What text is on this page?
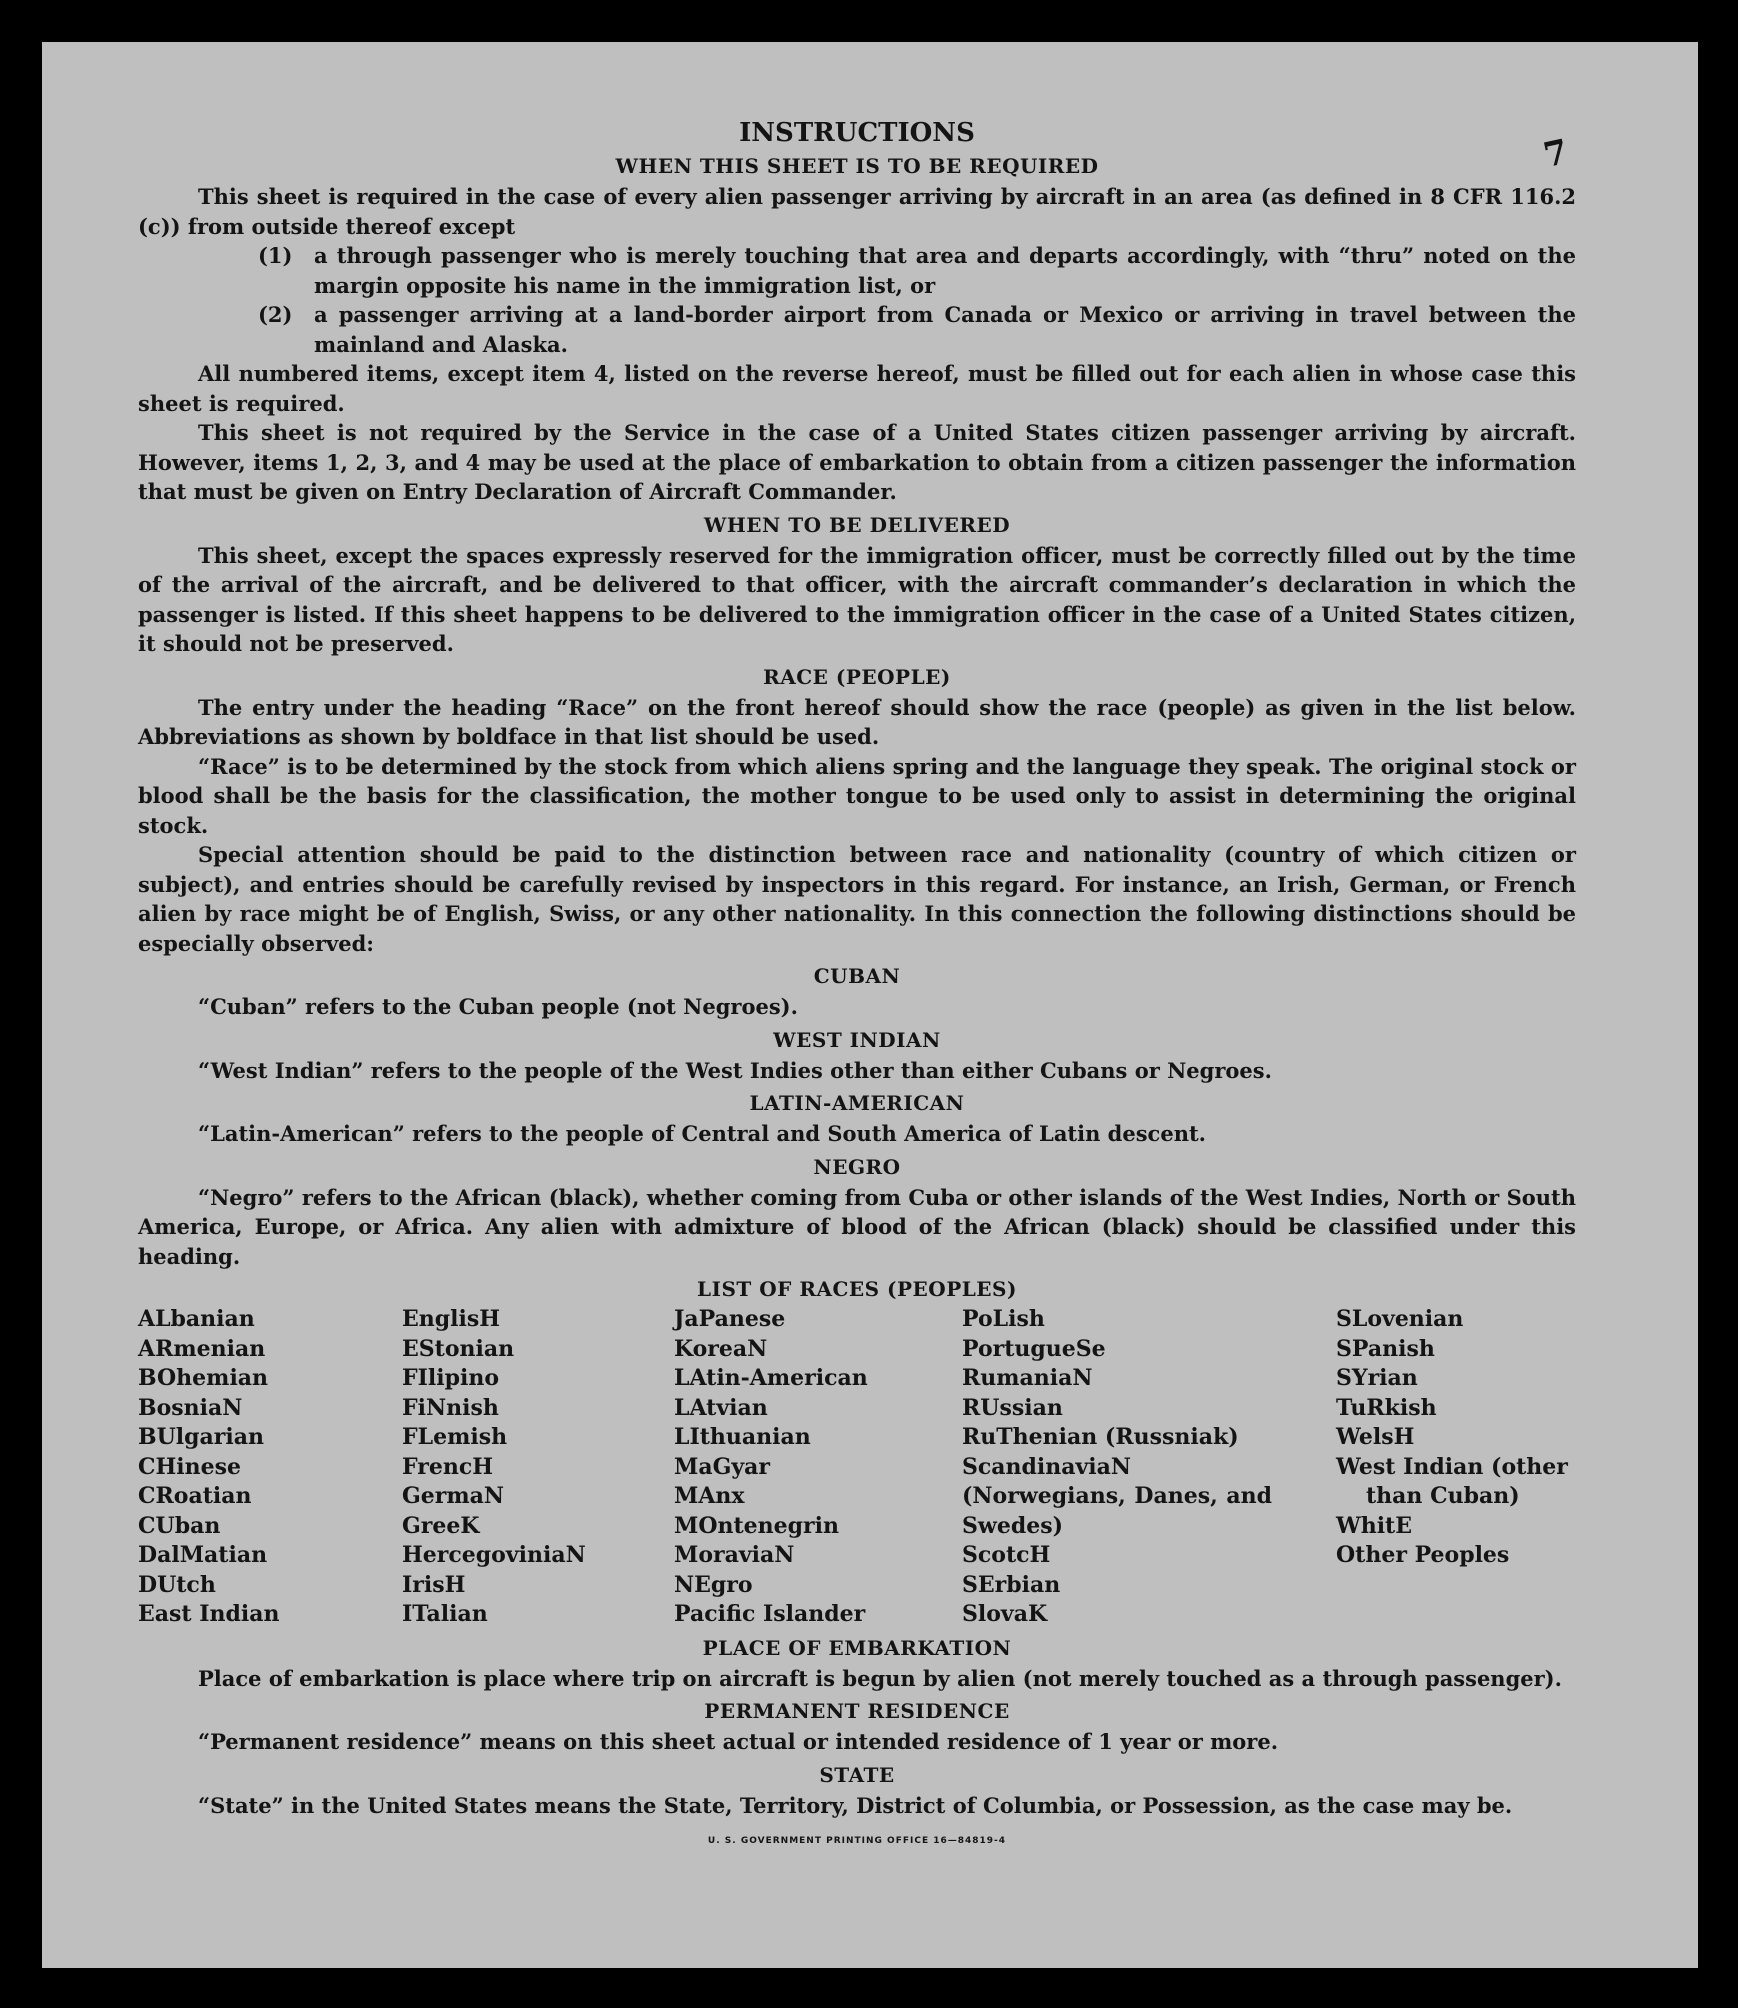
7
INSTRUCTIONS
WHEN THIS SHEET IS TO BE REQUIRED

This sheet is required in the case of every alien passenger arriving by aircraft in an area (as defined in 8 CFR 116.2 (c)) from outside thereof except

(1) a through passenger who is merely touching that area and departs accordingly, with “thru” noted on the margin opposite his name in the immigration list, or
(2) a passenger arriving at a land-border airport from Canada or Mexico or arriving in travel between the mainland and Alaska.

All numbered items, except item 4, listed on the reverse hereof, must be filled out for each alien in whose case this sheet is required.

This sheet is not required by the Service in the case of a United States citizen passenger arriving by aircraft. However, items 1, 2, 3, and 4 may be used at the place of embarkation to obtain from a citizen passenger the information that must be given on Entry Declaration of Aircraft Commander.

WHEN TO BE DELIVERED

This sheet, except the spaces expressly reserved for the immigration officer, must be correctly filled out by the time of the arrival of the aircraft, and be delivered to that officer, with the aircraft commander’s declaration in which the passenger is listed. If this sheet happens to be delivered to the immigration officer in the case of a United States citizen, it should not be preserved.

RACE (PEOPLE)

The entry under the heading “Race” on the front hereof should show the race (people) as given in the list below. Abbreviations as shown by boldface in that list should be used.

“Race” is to be determined by the stock from which aliens spring and the language they speak. The original stock or blood shall be the basis for the classification, the mother tongue to be used only to assist in determining the original stock.

Special attention should be paid to the distinction between race and nationality (country of which citizen or subject), and entries should be carefully revised by inspectors in this regard. For instance, an Irish, German, or French alien by race might be of English, Swiss, or any other nationality. In this connection the following distinctions should be especially observed:

CUBAN

“Cuban” refers to the Cuban people (not Negroes).

WEST INDIAN

“West Indian” refers to the people of the West Indies other than either Cubans or Negroes.

LATIN-AMERICAN

“Latin-American” refers to the people of Central and South America of Latin descent.

NEGRO

“Negro” refers to the African (black), whether coming from Cuba or other islands of the West Indies, North or South America, Europe, or Africa. Any alien with admixture of blood of the African (black) should be classified under this heading.

LIST OF RACES (PEOPLES)
ALbanian
ARmenian
BOhemian
BosniaN
BUlgarian
CHinese
CRoatian
CUban
DalMatian
DUtch
East Indian
EnglisH
EStonian
FIlipino
FiNnish
FLemish
FrencH
GermaN
GreeK
HercegoviniaN
IrisH
ITalian
JaPanese
KoreaN
LAtin-American
LAtvian
LIthuanian
MaGyar
MAnx
MOntenegrin
MoraviaN
NEgro
Pacific Islander
PoLish
PortugueSe
RumaniaN
RUssian
RuThenian (Russniak)
ScandinaviaN (Norwegians, Danes, and Swedes)
ScotcH
SErbian
SlovaK
SLovenian
SPanish
SYrian
TuRkish
WelsH
West Indian (other
than Cuban)
WhitE
Other Peoples
PLACE OF EMBARKATION

Place of embarkation is place where trip on aircraft is begun by alien (not merely touched as a through passenger).

PERMANENT RESIDENCE

“Permanent residence” means on this sheet actual or intended residence of 1 year or more.

STATE

“State” in the United States means the State, Territory, District of Columbia, or Possession, as the case may be.

U. S. GOVERNMENT PRINTING OFFICE 16—84819-4
